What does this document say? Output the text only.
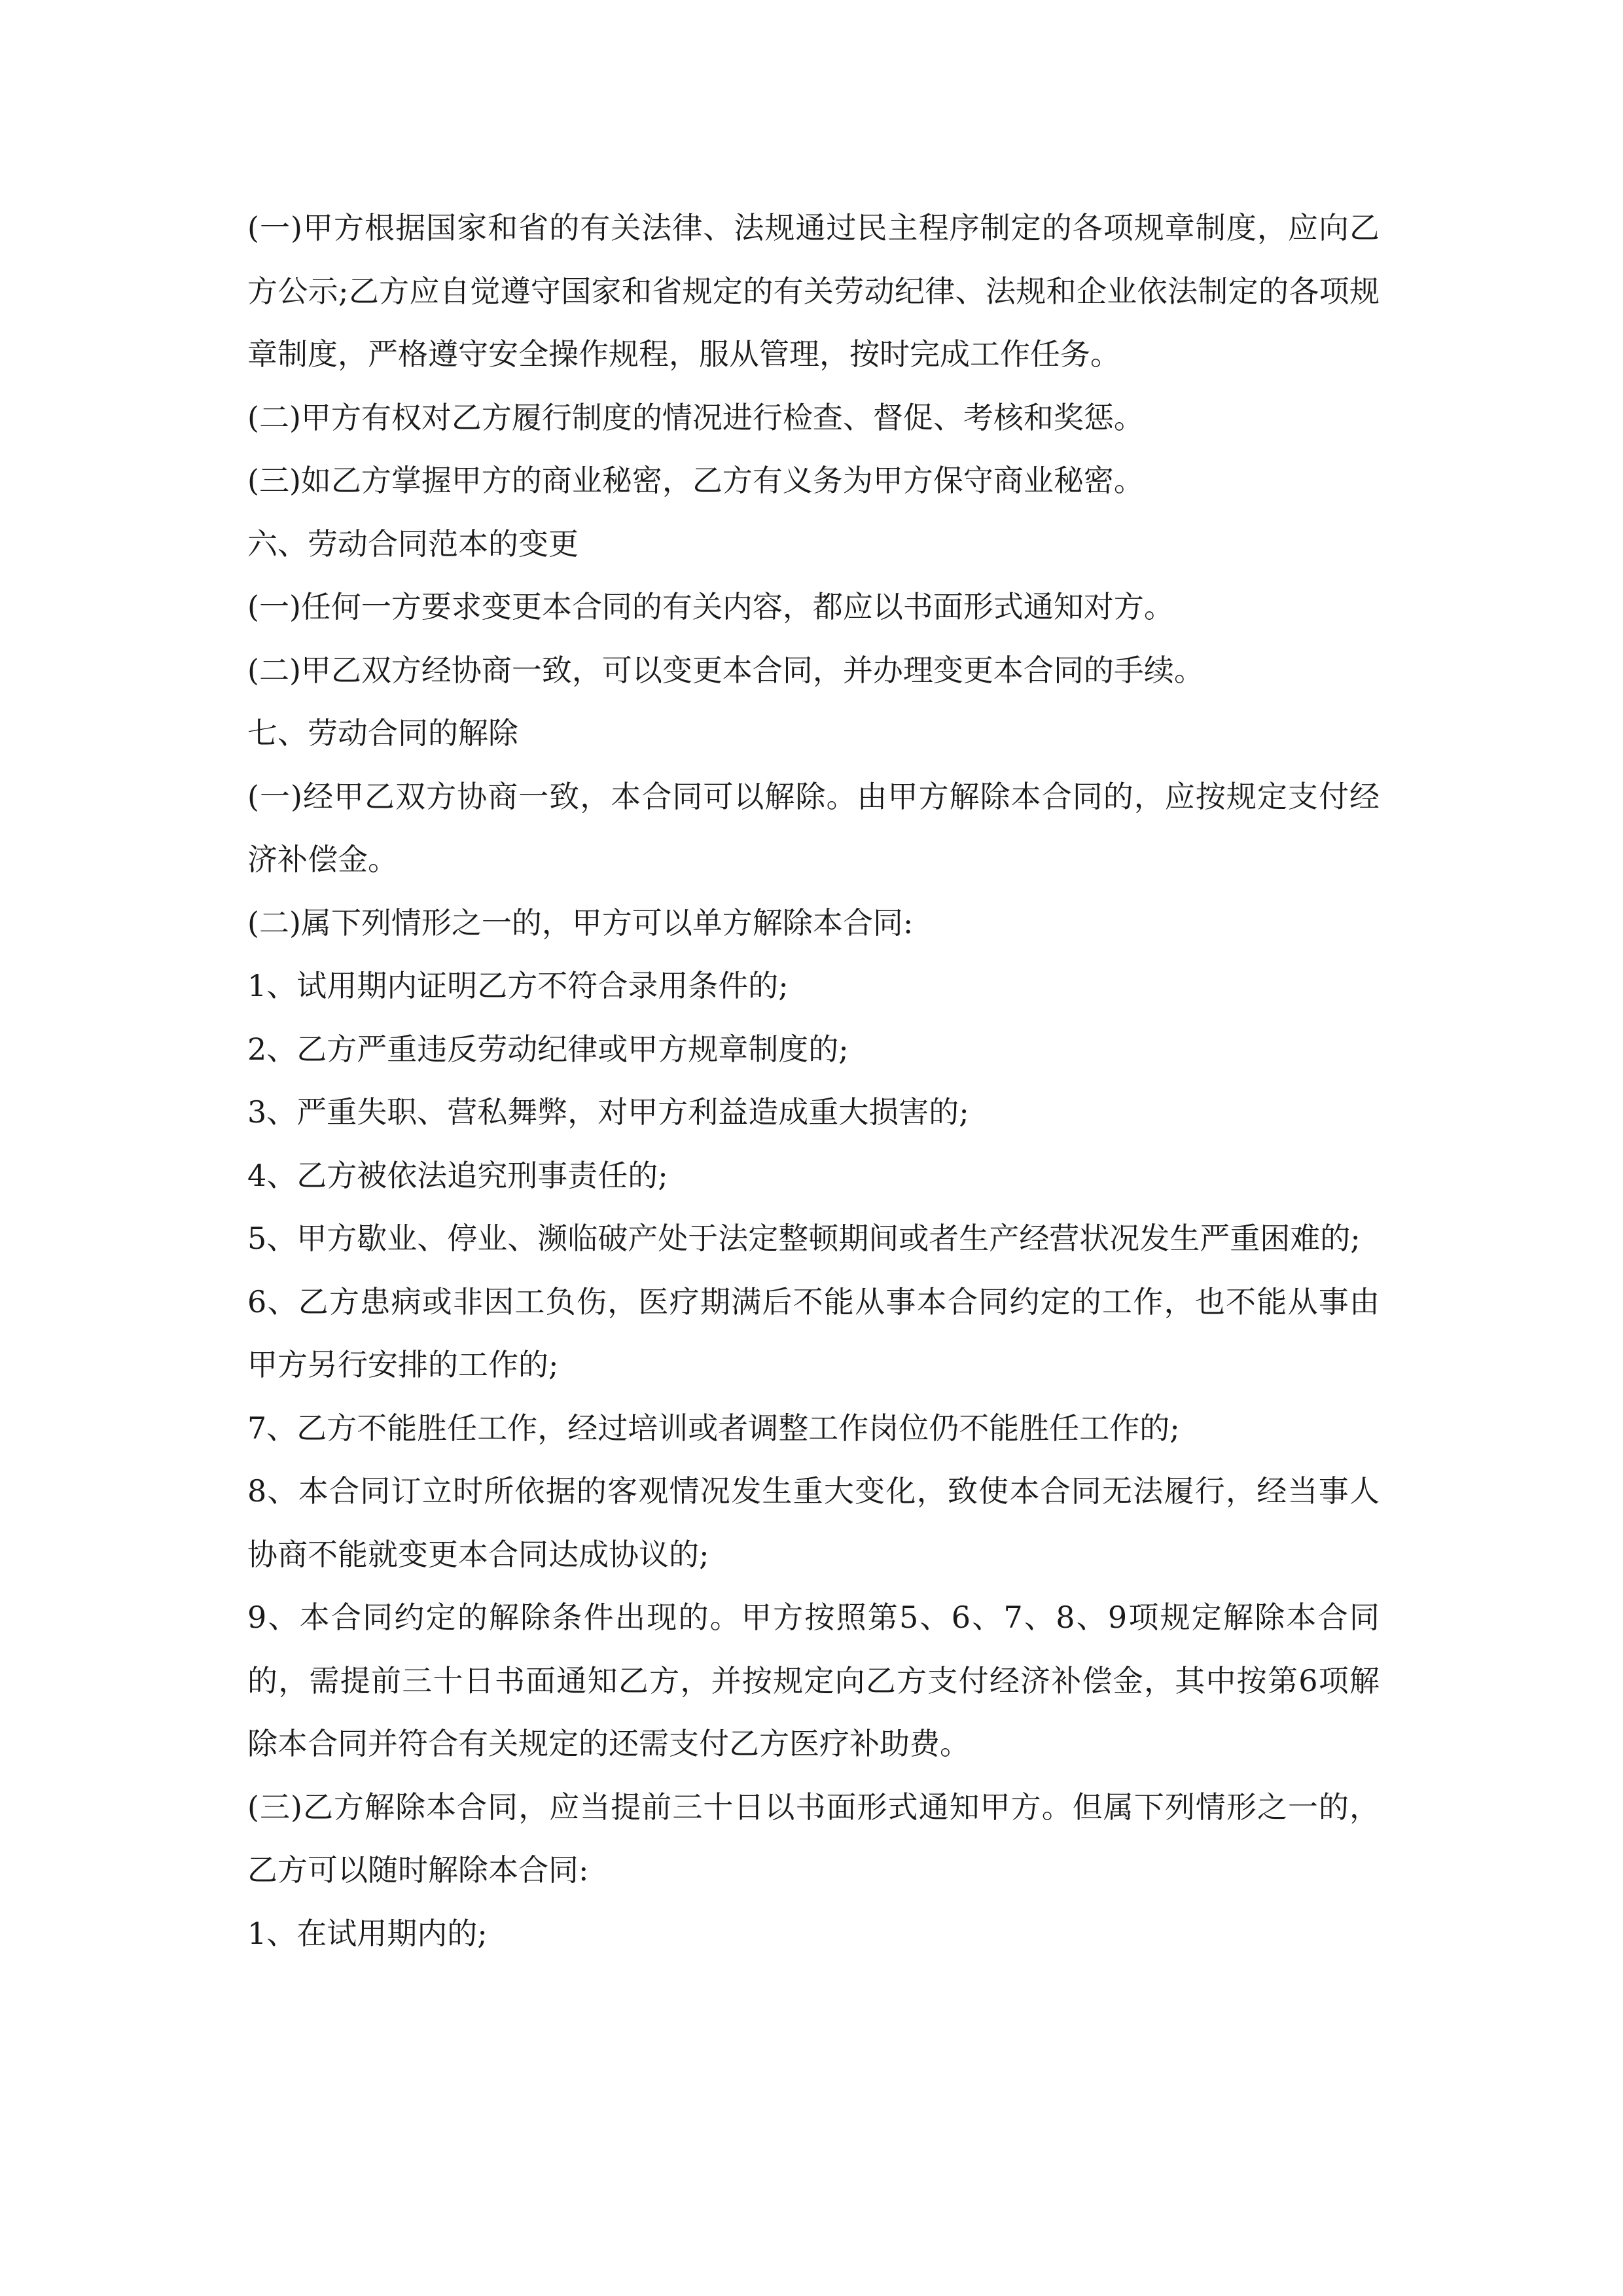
(一)甲方根据国家和省的有关法律、法规通过民主程序制定的各项规章制度，应向乙方公示;乙方应自觉遵守国家和省规定的有关劳动纪律、法规和企业依法制定的各项规章制度，严格遵守安全操作规程，服从管理，按时完成工作任务。

(二)甲方有权对乙方履行制度的情况进行检查、督促、考核和奖惩。

(三)如乙方掌握甲方的商业秘密，乙方有义务为甲方保守商业秘密。

六、劳动合同范本的变更

(一)任何一方要求变更本合同的有关内容，都应以书面形式通知对方。

(二)甲乙双方经协商一致，可以变更本合同，并办理变更本合同的手续。

七、劳动合同的解除

(一)经甲乙双方协商一致，本合同可以解除。由甲方解除本合同的，应按规定支付经济补偿金。

(二)属下列情形之一的，甲方可以单方解除本合同:

1、试用期内证明乙方不符合录用条件的;

2、乙方严重违反劳动纪律或甲方规章制度的;

3、严重失职、营私舞弊，对甲方利益造成重大损害的;

4、乙方被依法追究刑事责任的;

5、甲方歇业、停业、濒临破产处于法定整顿期间或者生产经营状况发生严重困难的;

6、乙方患病或非因工负伤，医疗期满后不能从事本合同约定的工作，也不能从事由甲方另行安排的工作的;

7、乙方不能胜任工作，经过培训或者调整工作岗位仍不能胜任工作的;

8、本合同订立时所依据的客观情况发生重大变化，致使本合同无法履行，经当事人协商不能就变更本合同达成协议的;

9、本合同约定的解除条件出现的。甲方按照第5、6、7、8、9项规定解除本合同的，需提前三十日书面通知乙方，并按规定向乙方支付经济补偿金，其中按第6项解除本合同并符合有关规定的还需支付乙方医疗补助费。

(三)乙方解除本合同，应当提前三十日以书面形式通知甲方。但属下列情形之一的，乙方可以随时解除本合同:

1、在试用期内的;
